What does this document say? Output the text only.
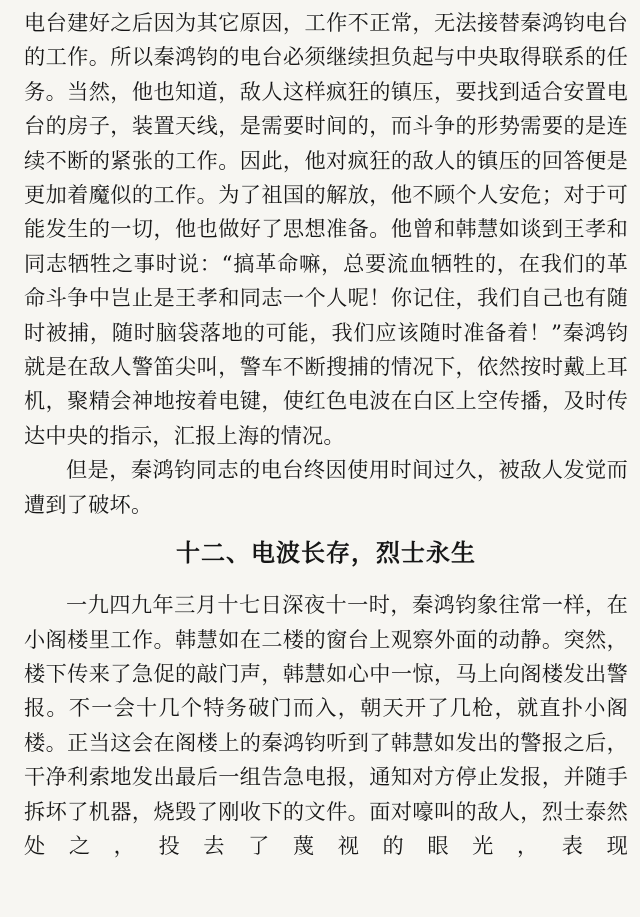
电台建好之后因为其它原因，工作不正常，无法接替秦鸿钧电台的工作。所以秦鸿钧的电台必须继续担负起与中央取得联系的任务。当然，他也知道，敌人这样疯狂的镇压，要找到适合安置电台的房子，装置天线，是需要时间的，而斗争的形势需要的是连续不断的紧张的工作。因此，他对疯狂的敌人的镇压的回答便是更加着魔似的工作。为了祖国的解放，他不顾个人安危；对于可能发生的一切，他也做好了思想准备。他曾和韩慧如谈到王孝和同志牺牲之事时说：“搞革命嘛，总要流血牺牲的，在我们的革命斗争中岂止是王孝和同志一个人呢！你记住，我们自己也有随时被捕，随时脑袋落地的可能，我们应该随时准备着！”秦鸿钧就是在敌人警笛尖叫，警车不断搜捕的情况下，依然按时戴上耳机，聚精会神地按着电键，使红色电波在白区上空传播，及时传达中央的指示，汇报上海的情况。

但是，秦鸿钧同志的电台终因使用时间过久，被敌人发觉而遭到了破坏。

十二、电波长存，烈士永生

一九四九年三月十七日深夜十一时，秦鸿钧象往常一样，在小阁楼里工作。韩慧如在二楼的窗台上观察外面的动静。突然，楼下传来了急促的敲门声，韩慧如心中一惊，马上向阁楼发出警报。不一会十几个特务破门而入，朝天开了几枪，就直扑小阁楼。正当这会在阁楼上的秦鸿钧听到了韩慧如发出的警报之后，干净利索地发出最后一组告急电报，通知对方停止发报，并随手拆坏了机器，烧毁了刚收下的文件。面对嚎叫的敌人，烈士泰然处之，投去了蔑视的眼光，表现
